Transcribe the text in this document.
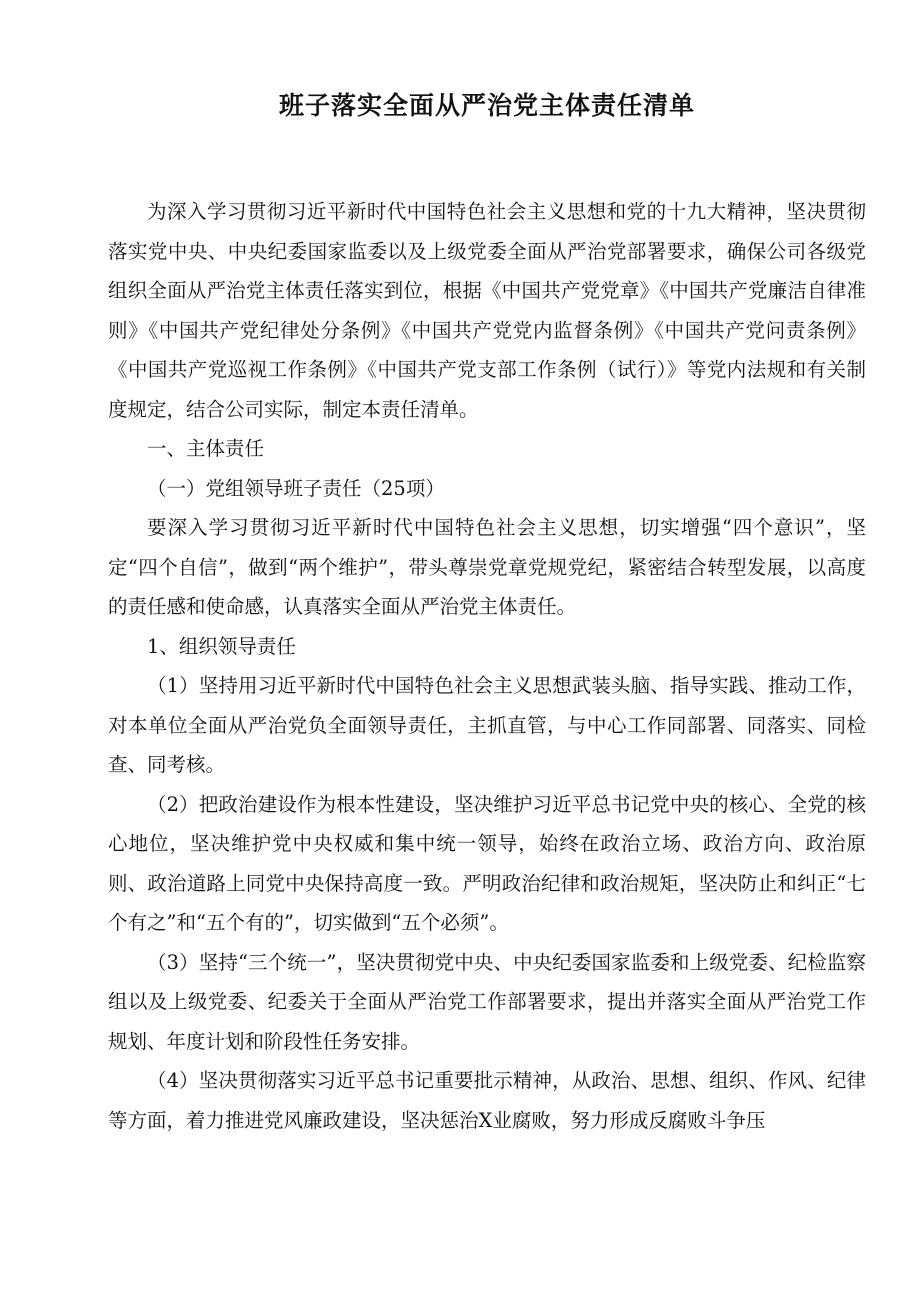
班子落实全面从严治党主体责任清单

为深入学习贯彻习近平新时代中国特色社会主义思想和党的十九大精神，坚决贯彻落实党中央、中央纪委国家监委以及上级党委全面从严治党部署要求，确保公司各级党组织全面从严治党主体责任落实到位，根据《中国共产党党章》《中国共产党廉洁自律准则》《中国共产党纪律处分条例》《中国共产党党内监督条例》《中国共产党问责条例》《中国共产党巡视工作条例》《中国共产党支部工作条例（试行）》等党内法规和有关制度规定，结合公司实际，制定本责任清单。

一、主体责任

（一）党组领导班子责任（25项）

要深入学习贯彻习近平新时代中国特色社会主义思想，切实增强“四个意识”，坚定“四个自信”，做到“两个维护”，带头尊崇党章党规党纪，紧密结合转型发展，以高度的责任感和使命感，认真落实全面从严治党主体责任。

1、组织领导责任

（1）坚持用习近平新时代中国特色社会主义思想武装头脑、指导实践、推动工作，对本单位全面从严治党负全面领导责任，主抓直管，与中心工作同部署、同落实、同检查、同考核。

（2）把政治建设作为根本性建设，坚决维护习近平总书记党中央的核心、全党的核心地位，坚决维护党中央权威和集中统一领导，始终在政治立场、政治方向、政治原则、政治道路上同党中央保持高度一致。严明政治纪律和政治规矩，坚决防止和纠正“七个有之”和“五个有的”，切实做到“五个必须”。

（3）坚持“三个统一”，坚决贯彻党中央、中央纪委国家监委和上级党委、纪检监察组以及上级党委、纪委关于全面从严治党工作部署要求，提出并落实全面从严治党工作规划、年度计划和阶段性任务安排。

（4）坚决贯彻落实习近平总书记重要批示精神，从政治、思想、组织、作风、纪律等方面，着力推进党风廉政建设，坚决惩治X业腐败，努力形成反腐败斗争压
